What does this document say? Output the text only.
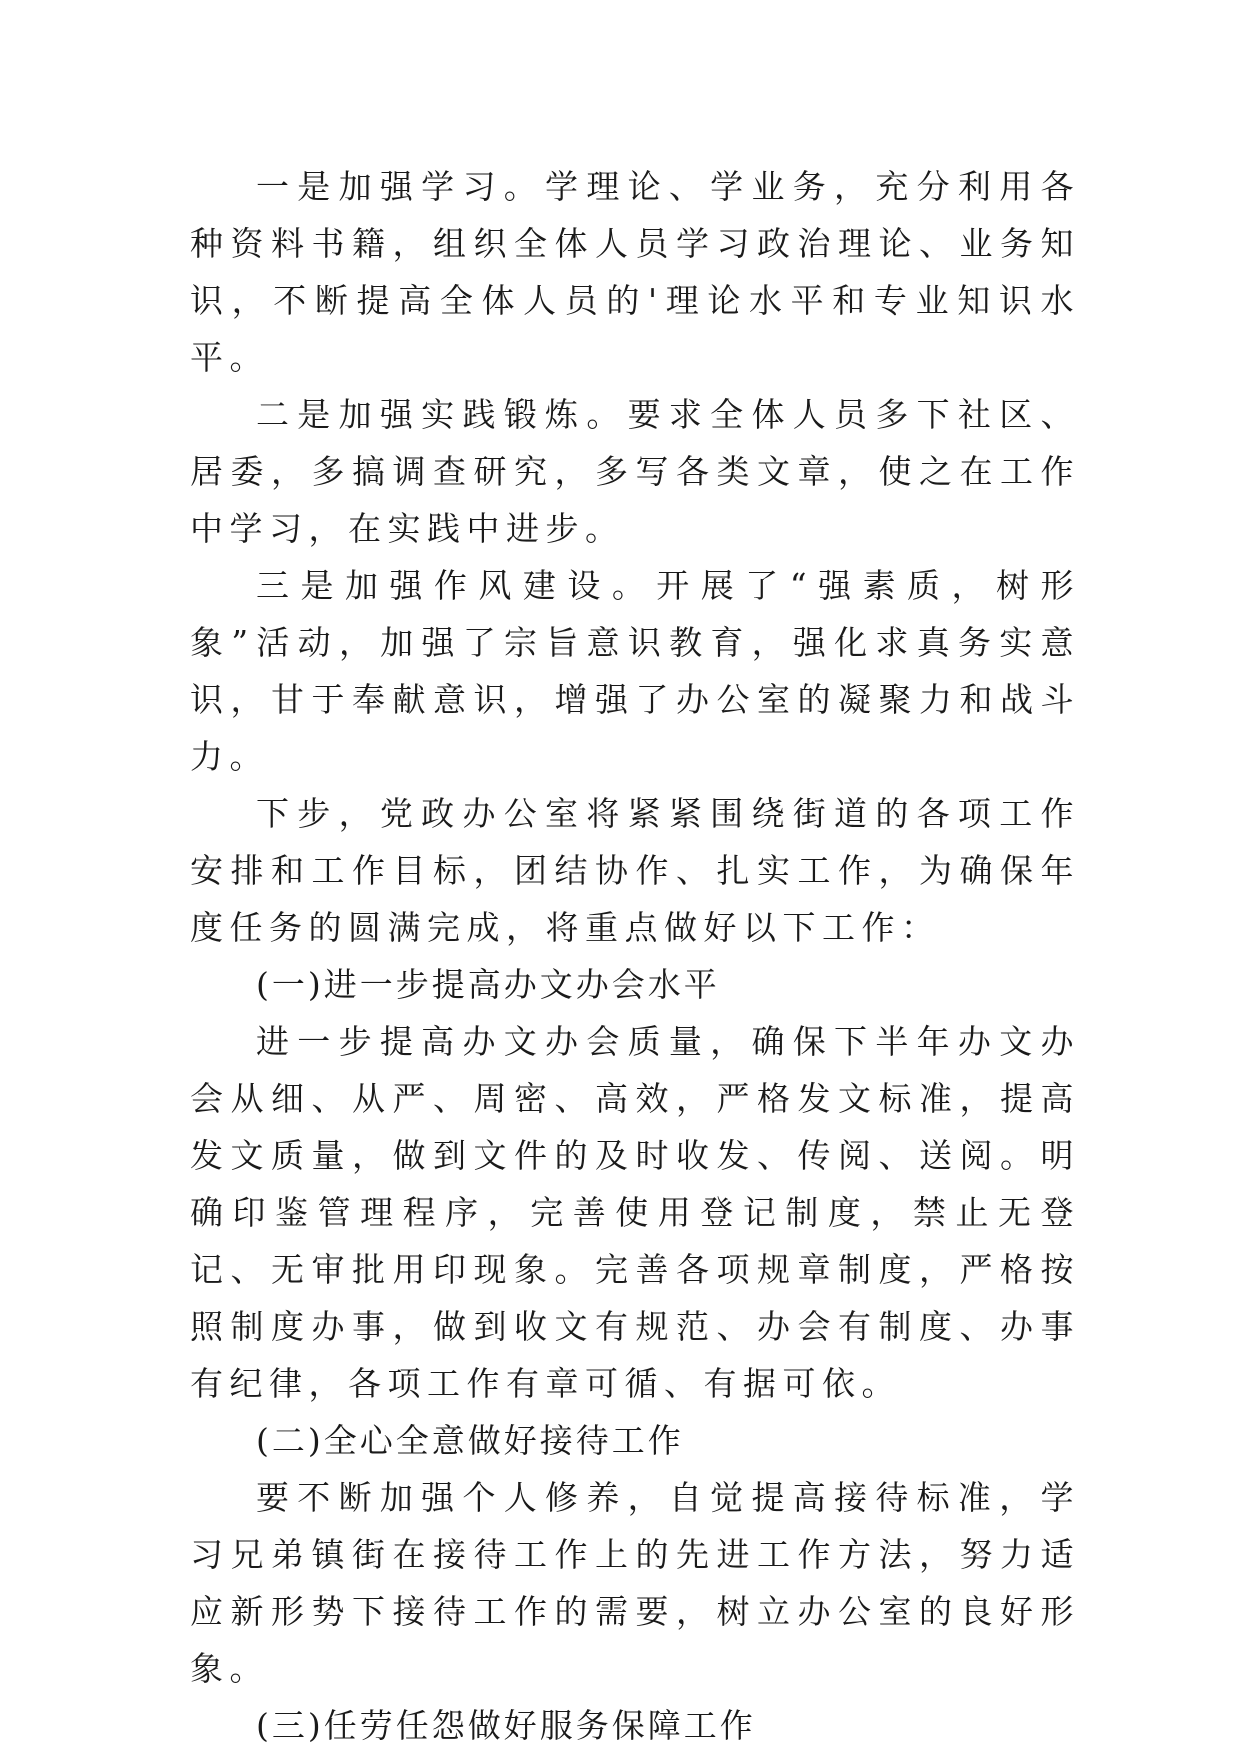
一是加强学习。学理论、学业务，充分利用各种资料书籍，组织全体人员学习政治理论、业务知识，不断提高全体人员的'理论水平和专业知识水平。

二是加强实践锻炼。要求全体人员多下社区、居委，多搞调查研究，多写各类文章，使之在工作中学习，在实践中进步。

三是加强作风建设。开展了“强素质，树形象”活动，加强了宗旨意识教育，强化求真务实意识，甘于奉献意识，增强了办公室的凝聚力和战斗力。

下步，党政办公室将紧紧围绕街道的各项工作安排和工作目标，团结协作、扎实工作，为确保年度任务的圆满完成，将重点做好以下工作：

(一)进一步提高办文办会水平

进一步提高办文办会质量，确保下半年办文办会从细、从严、周密、高效，严格发文标准，提高发文质量，做到文件的及时收发、传阅、送阅。明确印鉴管理程序，完善使用登记制度，禁止无登记、无审批用印现象。完善各项规章制度，严格按照制度办事，做到收文有规范、办会有制度、办事有纪律，各项工作有章可循、有据可依。

(二)全心全意做好接待工作

要不断加强个人修养，自觉提高接待标准，学习兄弟镇街在接待工作上的先进工作方法，努力适应新形势下接待工作的需要，树立办公室的良好形象。

(三)任劳任怨做好服务保障工作
